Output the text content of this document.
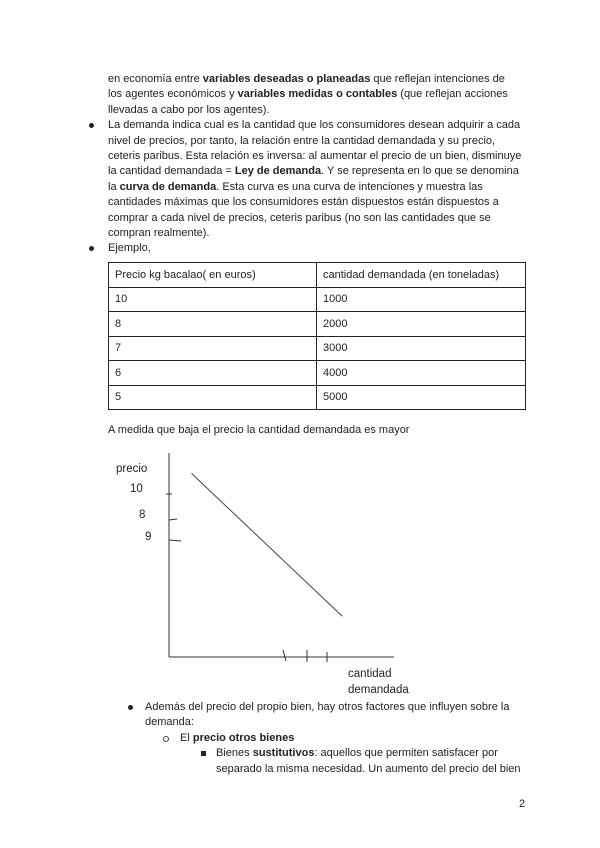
en economía entre variables deseadas o planeadas que reflejan intenciones de
los agentes económicos y variables medidas o contables (que reflejan acciones
llevadas a cabo por los agentes).
La demanda indica cual es la cantidad que los consumidores desean adquirir a cada
nivel de precios, por tanto, la relación entre la cantidad demandada y su precio,
ceteris paribus. Esta relación es inversa: al aumentar el precio de un bien, disminuye
la cantidad demandada = Ley de demanda. Y se representa en lo que se denomina
la curva de demanda. Esta curva es una curva de intenciones y muestra las
cantidades máximas que los consumidores están dispuestos están dispuestos a
comprar a cada nivel de precios, ceteris paribus (no son las cantidades que se
compran realmente).
Ejemplo,
Precio kg bacalao( en euros)	cantidad demandada (en toneladas)
10	1000
8	2000
7	3000
6	4000
5	5000
A medida que baja el precio la cantidad demandada es mayor
precio
10
8
9
cantidad demandada
Además del precio del propio bien, hay otros factores que influyen sobre la
demanda:
El precio otros bienes
Bienes sustitutivos: aquellos que permiten satisfacer por
separado la misma necesidad. Un aumento del precio del bien
2
